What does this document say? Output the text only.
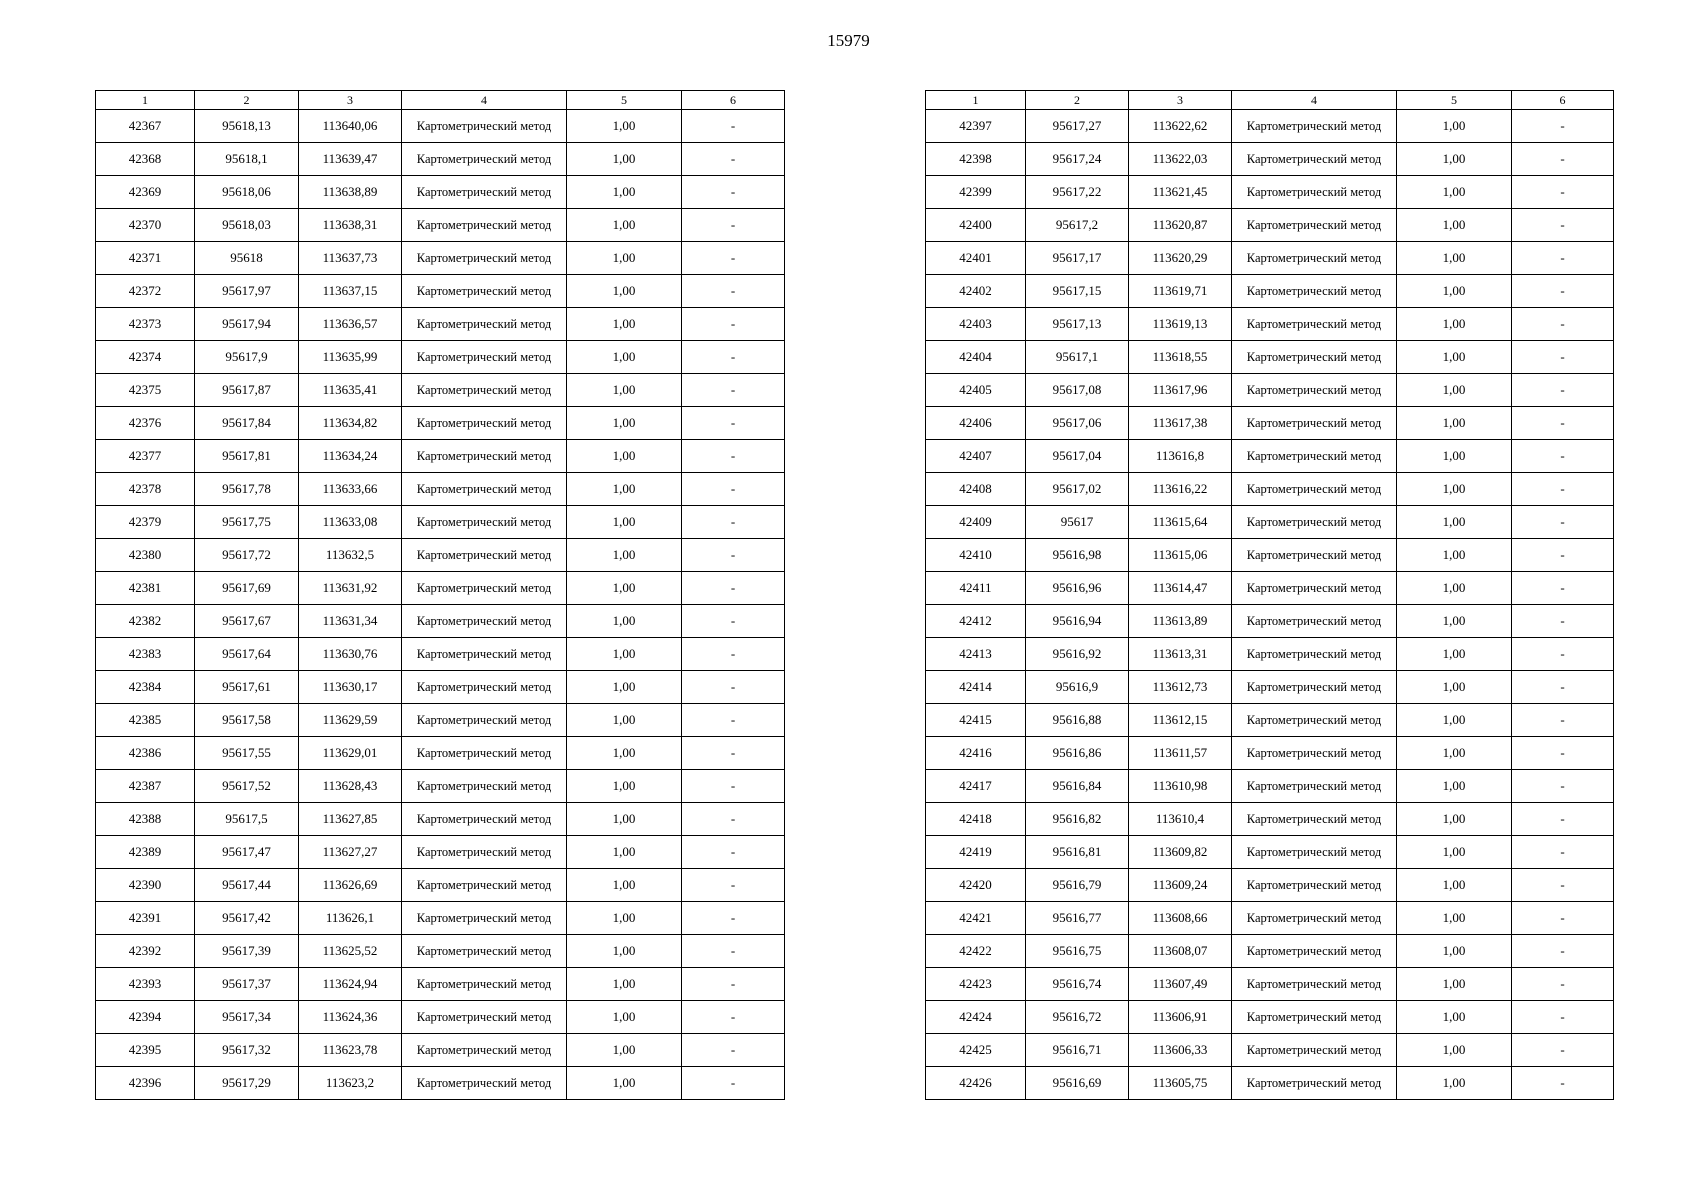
15979
1	2	3	4	5	6
42367	95618,13	113640,06	Картометрический метод	1,00	-
42368	95618,1	113639,47	Картометрический метод	1,00	-
42369	95618,06	113638,89	Картометрический метод	1,00	-
42370	95618,03	113638,31	Картометрический метод	1,00	-
42371	95618	113637,73	Картометрический метод	1,00	-
42372	95617,97	113637,15	Картометрический метод	1,00	-
42373	95617,94	113636,57	Картометрический метод	1,00	-
42374	95617,9	113635,99	Картометрический метод	1,00	-
42375	95617,87	113635,41	Картометрический метод	1,00	-
42376	95617,84	113634,82	Картометрический метод	1,00	-
42377	95617,81	113634,24	Картометрический метод	1,00	-
42378	95617,78	113633,66	Картометрический метод	1,00	-
42379	95617,75	113633,08	Картометрический метод	1,00	-
42380	95617,72	113632,5	Картометрический метод	1,00	-
42381	95617,69	113631,92	Картометрический метод	1,00	-
42382	95617,67	113631,34	Картометрический метод	1,00	-
42383	95617,64	113630,76	Картометрический метод	1,00	-
42384	95617,61	113630,17	Картометрический метод	1,00	-
42385	95617,58	113629,59	Картометрический метод	1,00	-
42386	95617,55	113629,01	Картометрический метод	1,00	-
42387	95617,52	113628,43	Картометрический метод	1,00	-
42388	95617,5	113627,85	Картометрический метод	1,00	-
42389	95617,47	113627,27	Картометрический метод	1,00	-
42390	95617,44	113626,69	Картометрический метод	1,00	-
42391	95617,42	113626,1	Картометрический метод	1,00	-
42392	95617,39	113625,52	Картометрический метод	1,00	-
42393	95617,37	113624,94	Картометрический метод	1,00	-
42394	95617,34	113624,36	Картометрический метод	1,00	-
42395	95617,32	113623,78	Картометрический метод	1,00	-
42396	95617,29	113623,2	Картометрический метод	1,00	-
1	2	3	4	5	6
42397	95617,27	113622,62	Картометрический метод	1,00	-
42398	95617,24	113622,03	Картометрический метод	1,00	-
42399	95617,22	113621,45	Картометрический метод	1,00	-
42400	95617,2	113620,87	Картометрический метод	1,00	-
42401	95617,17	113620,29	Картометрический метод	1,00	-
42402	95617,15	113619,71	Картометрический метод	1,00	-
42403	95617,13	113619,13	Картометрический метод	1,00	-
42404	95617,1	113618,55	Картометрический метод	1,00	-
42405	95617,08	113617,96	Картометрический метод	1,00	-
42406	95617,06	113617,38	Картометрический метод	1,00	-
42407	95617,04	113616,8	Картометрический метод	1,00	-
42408	95617,02	113616,22	Картометрический метод	1,00	-
42409	95617	113615,64	Картометрический метод	1,00	-
42410	95616,98	113615,06	Картометрический метод	1,00	-
42411	95616,96	113614,47	Картометрический метод	1,00	-
42412	95616,94	113613,89	Картометрический метод	1,00	-
42413	95616,92	113613,31	Картометрический метод	1,00	-
42414	95616,9	113612,73	Картометрический метод	1,00	-
42415	95616,88	113612,15	Картометрический метод	1,00	-
42416	95616,86	113611,57	Картометрический метод	1,00	-
42417	95616,84	113610,98	Картометрический метод	1,00	-
42418	95616,82	113610,4	Картометрический метод	1,00	-
42419	95616,81	113609,82	Картометрический метод	1,00	-
42420	95616,79	113609,24	Картометрический метод	1,00	-
42421	95616,77	113608,66	Картометрический метод	1,00	-
42422	95616,75	113608,07	Картометрический метод	1,00	-
42423	95616,74	113607,49	Картометрический метод	1,00	-
42424	95616,72	113606,91	Картометрический метод	1,00	-
42425	95616,71	113606,33	Картометрический метод	1,00	-
42426	95616,69	113605,75	Картометрический метод	1,00	-
